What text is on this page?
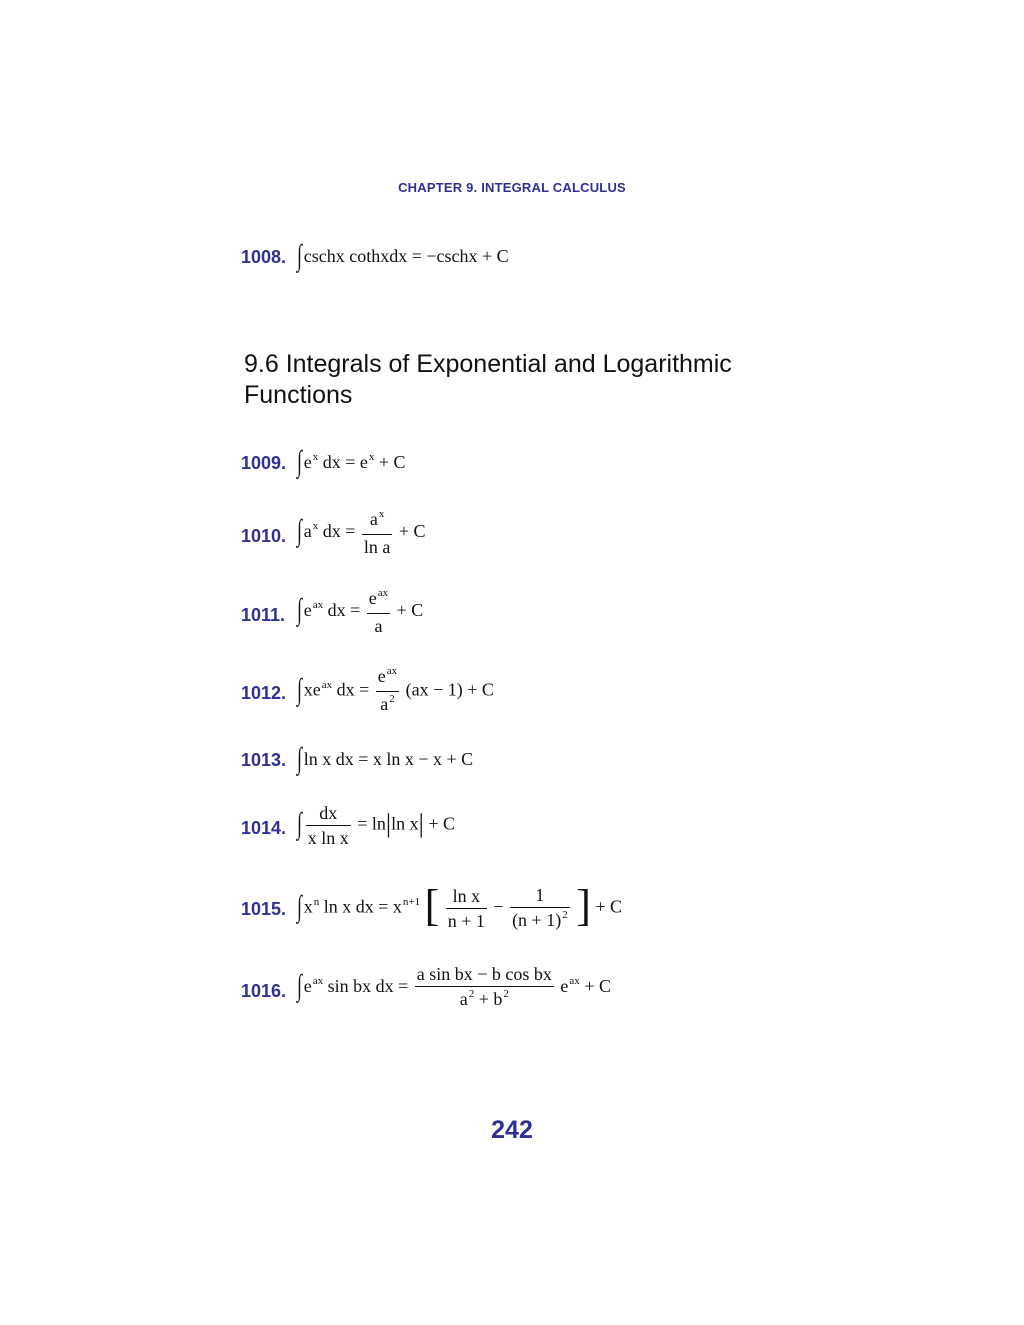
CHAPTER 9. INTEGRAL CALCULUS
1008. ∫ cschx cothxdx = −cschx + C
9.6 Integrals of Exponential and Logarithmic Functions
1009. ∫ $e^x$ dx = $e^x + C$
1010. ∫ $a^x$ dx = $\frac{a^x}{\text{ln a}} + C$
1011. ∫ $e^{ax}$ dx = $\frac{e^{ax}}{a} + C$
1012. ∫ $xe^{ax}$ dx = $\frac{e^{ax}}{a^2} (ax - 1) + C$
1013. ∫ ln x dx = x ln x − x + C
1014. ∫ $\frac{dx}{\text{x ln x}} = \ln|\ln$ x| + C
1015. ∫ $x^n$ ln x dx = $x^{n+1}$ [ $\frac{\text{ln x}}{n + 1} - \frac{1}{(n + 1)^2}$ ] + C
1016. ∫ $e^{ax}$ sin bx dx = $\frac{\text{a sin bx − b cos bx}}{a^2 + b^2} e^{ax} + C$
242
